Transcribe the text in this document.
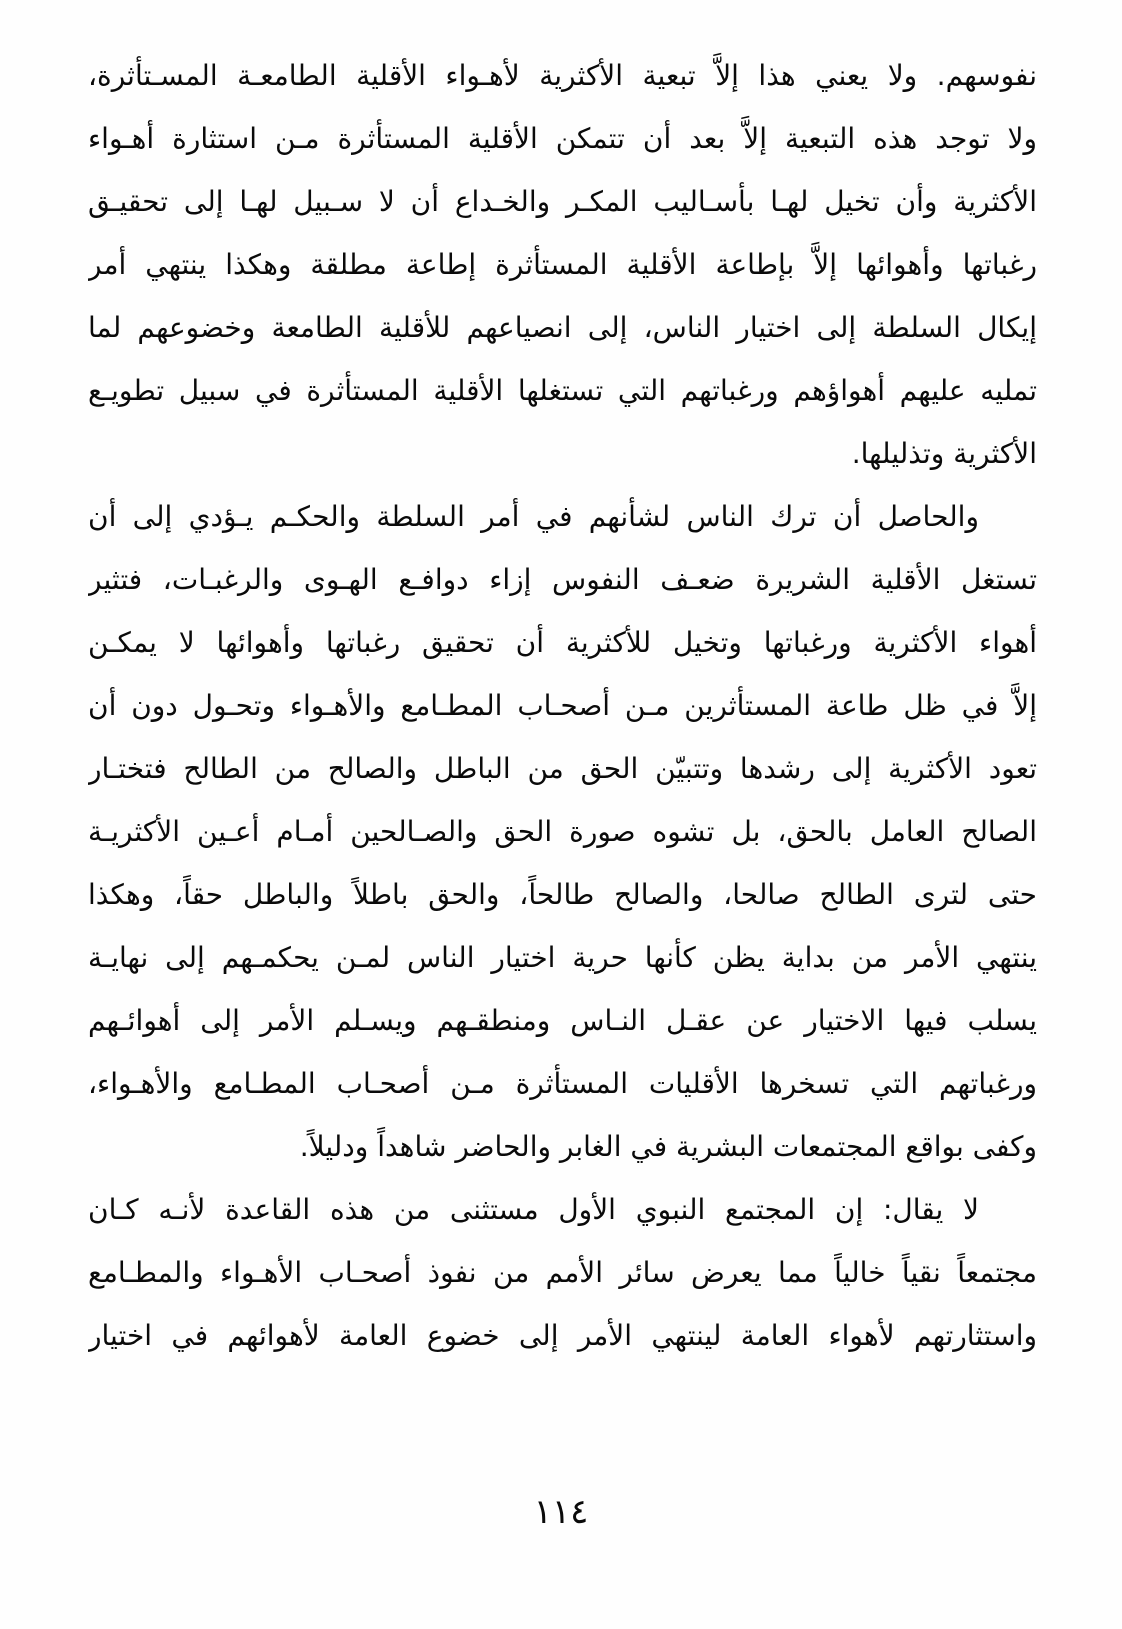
نفوسهم. ولا يعني هذا إلاَّ تبعية الأكثرية لأهـواء الأقلية الطامعـة المسـتأثرة،
ولا توجد هذه التبعية إلاَّ بعد أن تتمكن الأقلية المستأثرة مـن استثارة أهـواء
الأكثرية وأن تخيل لهـا بأسـاليب المكـر والخـداع أن لا سـبيل لهـا إلى تحقيـق
رغباتها وأهوائها إلاَّ بإطاعة الأقلية المستأثرة إطاعة مطلقة وهكذا ينتهي أمر
إيكال السلطة إلى اختيار الناس، إلى انصياعهم للأقلية الطامعة وخضوعهم لما
تمليه عليهم أهواؤهم ورغباتهم التي تستغلها الأقلية المستأثرة في سبيل تطويـع
الأكثرية وتذليلها.
والحاصل أن ترك الناس لشأنهم في أمر السلطة والحكـم يـؤدي إلى أن
تستغل الأقلية الشريرة ضعـف النفوس إزاء دوافـع الهـوى والرغبـات، فتثير
أهواء الأكثرية ورغباتها وتخيل للأكثرية أن تحقيق رغباتها وأهوائها لا يمكـن
إلاَّ في ظل طاعة المستأثرين مـن أصحـاب المطـامع والأهـواء وتحـول دون أن
تعود الأكثرية إلى رشدها وتتبيّن الحق من الباطل والصالح من الطالح فتختـار
الصالح العامل بالحق، بل تشوه صورة الحق والصـالحين أمـام أعـين الأكثريـة
حتى لترى الطالح صالحا، والصالح طالحاً، والحق باطلاً والباطل حقاً، وهكذا
ينتهي الأمر من بداية يظن كأنها حرية اختيار الناس لمـن يحكمـهم إلى نهايـة
يسلب فيها الاختيار عن عقـل النـاس ومنطقـهم ويسـلم الأمر إلى أهوائـهم
ورغباتهم التي تسخرها الأقليات المستأثرة مـن أصحـاب المطـامع والأهـواء،
وكفى بواقع المجتمعات البشرية في الغابر والحاضر شاهداً ودليلاً.
لا يقال: إن المجتمع النبوي الأول مستثنى من هذه القاعدة لأنـه كـان
مجتمعاً نقياً خالياً مما يعرض سائر الأمم من نفوذ أصحـاب الأهـواء والمطـامع
واستثارتهم لأهواء العامة لينتهي الأمر إلى خضوع العامة لأهوائهم في اختيار
١١٤
